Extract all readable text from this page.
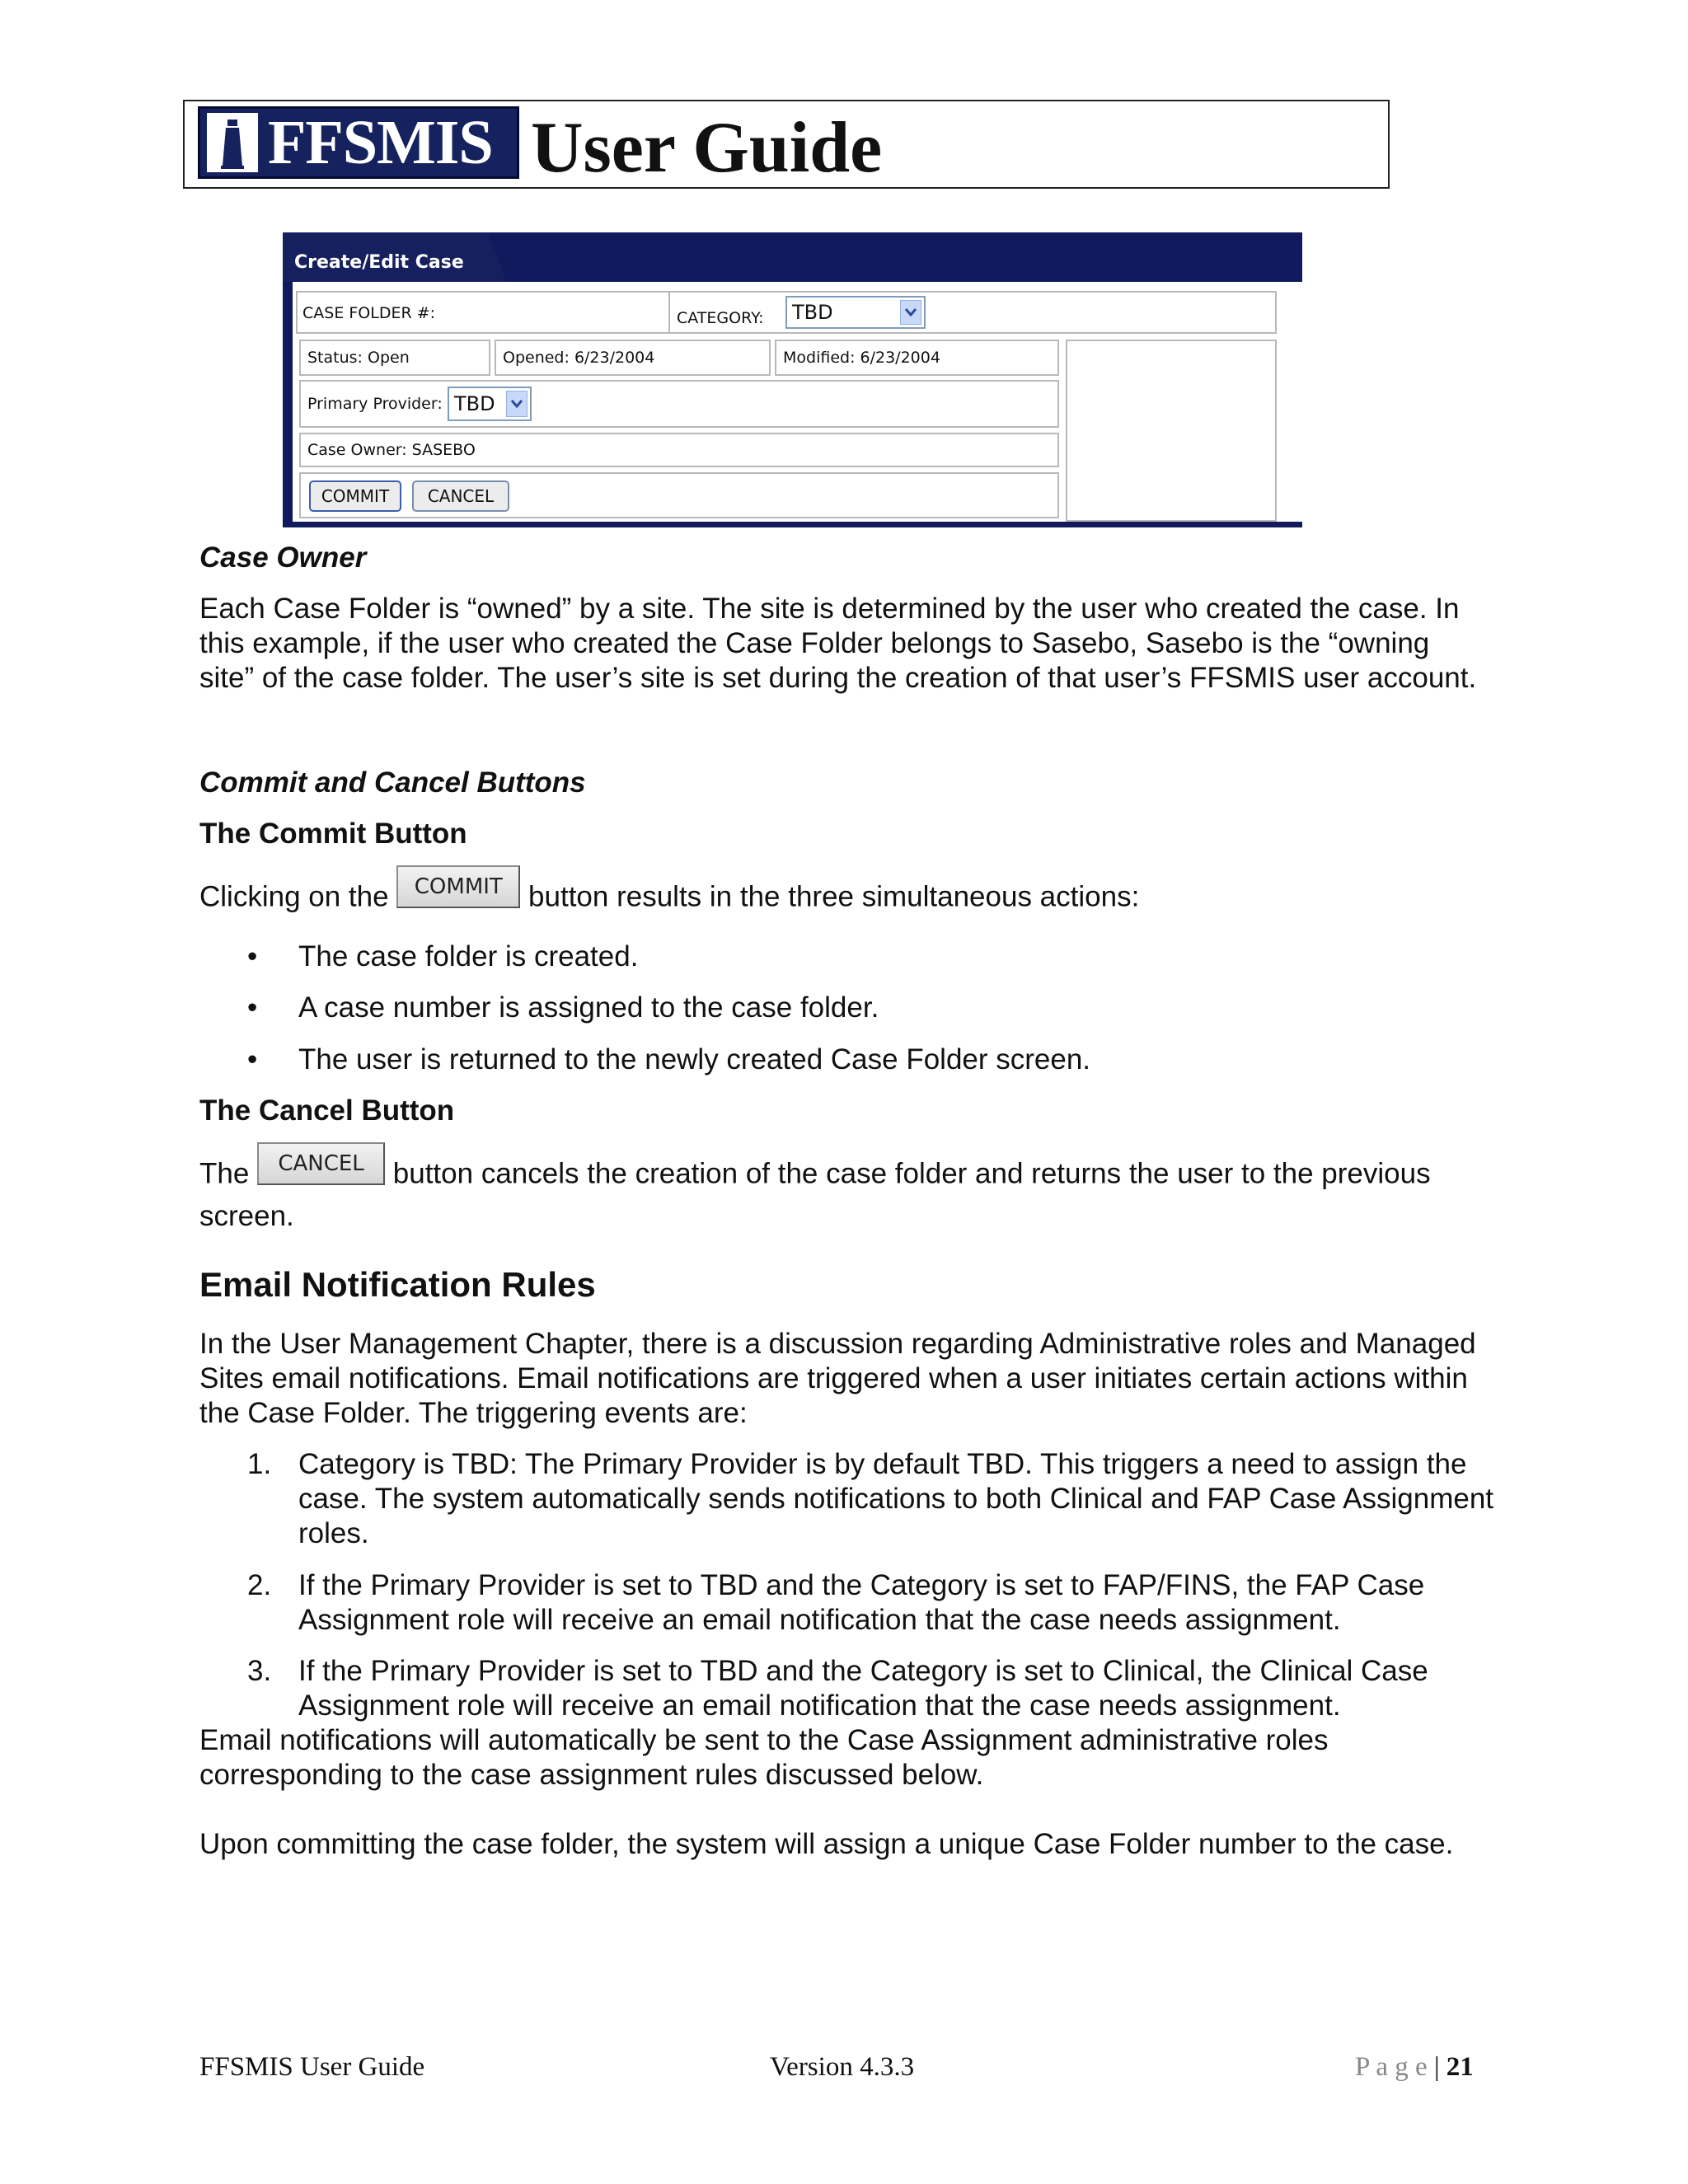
FFSMIS User Guide
Create/Edit Case
CASE FOLDER #:	CATEGORY: TBD
Status: Open	Opened: 6/23/2004	Modified: 6/23/2004
Primary Provider: TBD
Case Owner: SASEBO
COMMIT	CANCEL
Case Owner
Each Case Folder is “owned” by a site. The site is determined by the user who created the case. In this example, if the user who created the Case Folder belongs to Sasebo, Sasebo is the “owning site” of the case folder. The user’s site is set during the creation of that user’s FFSMIS user account.
Commit and Cancel Buttons
The Commit Button
Clicking on the COMMIT button results in the three simultaneous actions:
• The case folder is created.
• A case number is assigned to the case folder.
• The user is returned to the newly created Case Folder screen.
The Cancel Button
The CANCEL button cancels the creation of the case folder and returns the user to the previous
screen.
Email Notification Rules
In the User Management Chapter, there is a discussion regarding Administrative roles and Managed Sites email notifications. Email notifications are triggered when a user initiates certain actions within the Case Folder. The triggering events are:
1. Category is TBD: The Primary Provider is by default TBD. This triggers a need to assign the case. The system automatically sends notifications to both Clinical and FAP Case Assignment roles.
2. If the Primary Provider is set to TBD and the Category is set to FAP/FINS, the FAP Case Assignment role will receive an email notification that the case needs assignment.
3. If the Primary Provider is set to TBD and the Category is set to Clinical, the Clinical Case Assignment role will receive an email notification that the case needs assignment.
Email notifications will automatically be sent to the Case Assignment administrative roles corresponding to the case assignment rules discussed below.
Upon committing the case folder, the system will assign a unique Case Folder number to the case.
FFSMIS User Guide	Version 4.3.3	P a g e | 21
